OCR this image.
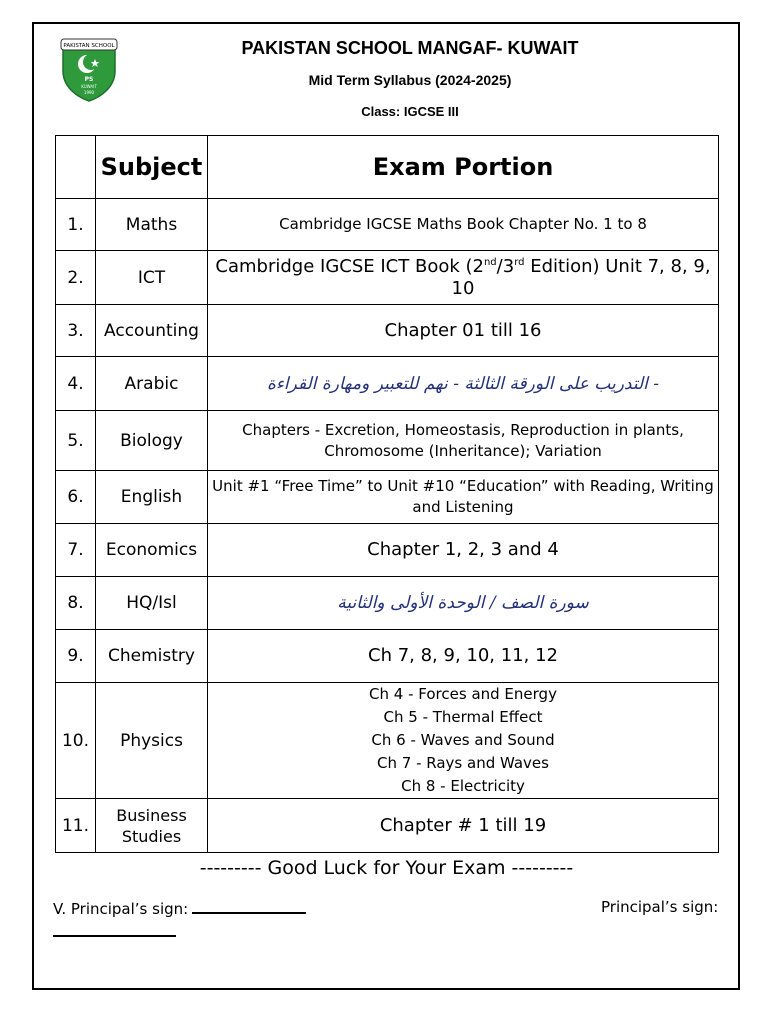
PAKISTAN SCHOOL
PS
KUWAIT
1990
PAKISTAN SCHOOL MANGAF- KUWAIT
Mid Term Syllabus (2024-2025)
Class: IGCSE III
	Subject	Exam Portion
1.	Maths	Cambridge IGCSE Maths Book Chapter No. 1 to 8
2.	ICT	Cambridge IGCSE ICT Book (2nd/3rd Edition) Unit 7, 8, 9, 10
3.	Accounting	Chapter 01 till 16
4.	Arabic	- التدريب على الورقة الثالثة - نهم للتعبير ومهارة القراءة
5.	Biology	Chapters - Excretion, Homeostasis, Reproduction in plants, Chromosome (Inheritance); Variation
6.	English	Unit #1 “Free Time” to Unit #10 “Education” with Reading, Writing and Listening
7.	Economics	Chapter 1, 2, 3 and 4
8.	HQ/Isl	سورة الصف / الوحدة الأولى والثانية
9.	Chemistry	Ch 7, 8, 9, 10, 11, 12
10.	Physics	Ch 4 - Forces and Energy
Ch 5 - Thermal Effect
Ch 6 - Waves and Sound
Ch 7 - Rays and Waves
Ch 8 - Electricity

11.	Business Studies	Chapter # 1 till 19
--------- Good Luck for Your Exam ---------
V. Principal’s sign:	Principal’s sign:
